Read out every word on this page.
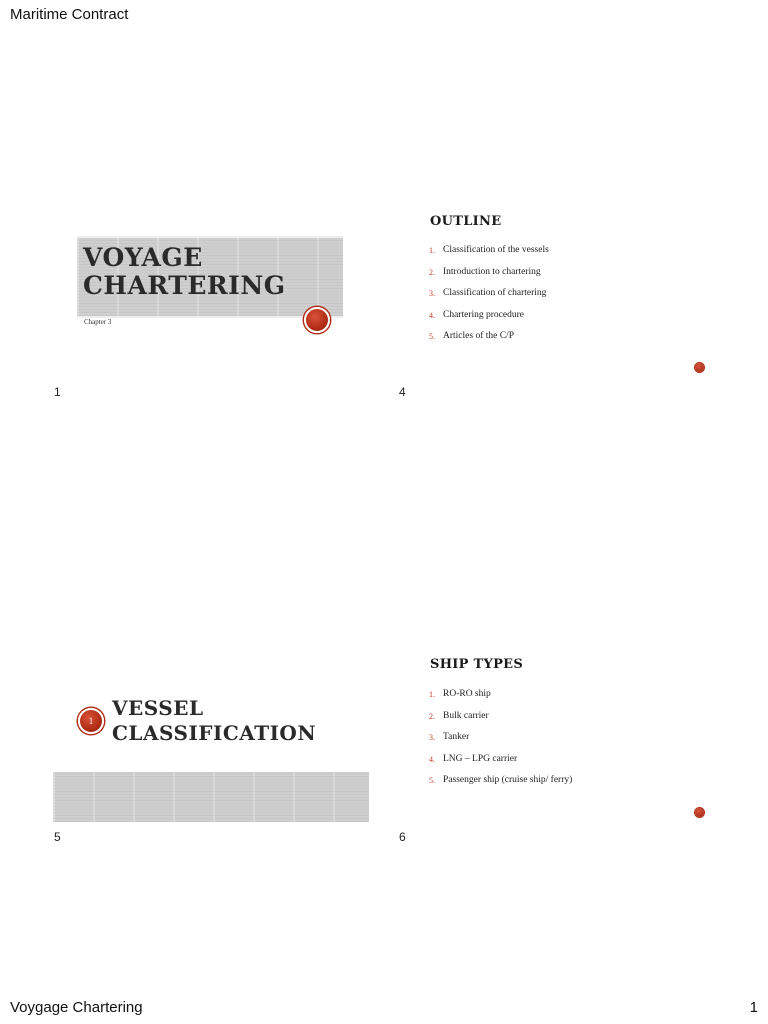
Maritime Contract
VOYAGE
CHARTERING
Chapter 3
1
OUTLINE
1. Classification of the vessels
2. Introduction to chartering
3. Classification of chartering
4. Chartering procedure
5. Articles of the C/P
4
1
VESSEL
CLASSIFICATION
5
SHIP TYPES
1. RO-RO ship
2. Bulk carrier
3. Tanker
4. LNG – LPG carrier
5. Passenger ship (cruise ship/ ferry)
6
Voygage Chartering	1
